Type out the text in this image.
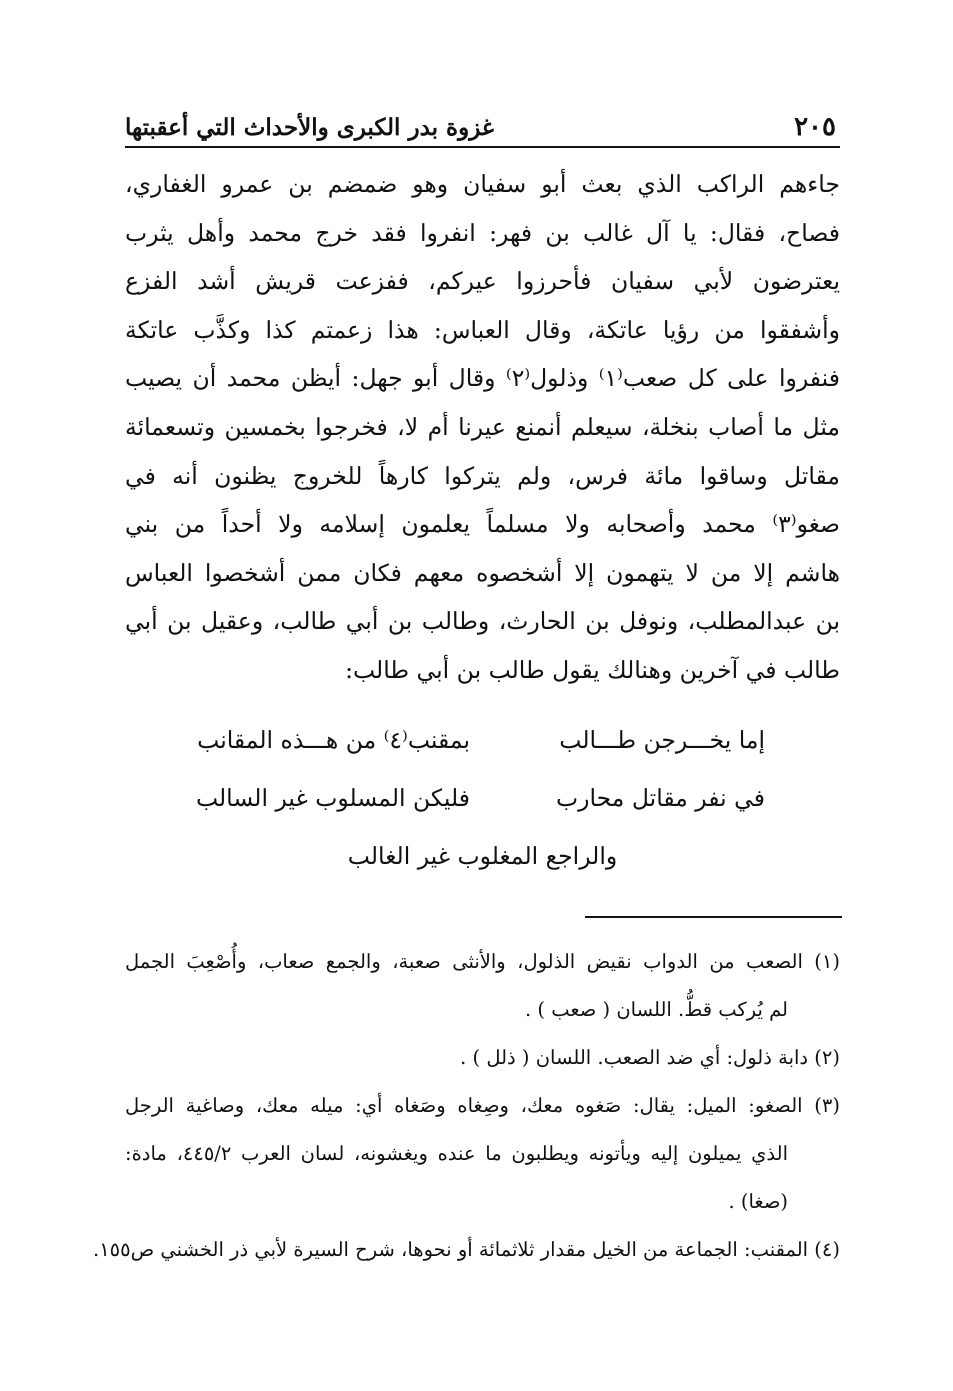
٢٠٥
غزوة بدر الكبرى والأحداث التي أعقبتها
جاءهم الراكب الذي بعث أبو سفيان وهو ضمضم بن عمرو الغفاري،
فصاح، فقال: يا آل غالب بن فهر: انفروا فقد خرج محمد وأهل يثرب
يعترضون لأبي سفيان فأحرزوا عيركم، ففزعت قريش أشد الفزع
وأشفقوا من رؤيا عاتكة، وقال العباس: هذا زعمتم كذا وكذَّب عاتكة
فنفروا على كل صعب⁽١⁾ وذلول⁽٢⁾ وقال أبو جهل: أيظن محمد أن يصيب
مثل ما أصاب بنخلة، سيعلم أنمنع عيرنا أم لا، فخرجوا بخمسين وتسعمائة
مقاتل وساقوا مائة فرس، ولم يتركوا كارهاً للخروج يظنون أنه في
صغو⁽٣⁾ محمد وأصحابه ولا مسلماً يعلمون إسلامه ولا أحداً من بني
هاشم إلا من لا يتهمون إلا أشخصوه معهم فكان ممن أشخصوا العباس
بن عبدالمطلب، ونوفل بن الحارث، وطالب بن أبي طالب، وعقيل بن أبي
طالب في آخرين وهنالك يقول طالب بن أبي طالب:
إما يخـــرجن طـــالب
بمقنب⁽٤⁾ من هـــذه المقانب
في نفر مقاتل محارب
فليكن المسلوب غير السالب
والراجع المغلوب غير الغالب
(١) الصعب من الدواب نقيض الذلول، والأنثى صعبة، والجمع صعاب، وأُصْعِبَ الجمل
لم يُركب قطُّ. اللسان ( صعب ) .
(٢) دابة ذلول: أي ضد الصعب. اللسان ( ذلل ) .
(٣) الصغو: الميل: يقال: صَغوه معك، وصِغاه وصَغاه أي: ميله معك، وصاغية الرجل
الذي يميلون إليه ويأتونه ويطلبون ما عنده ويغشونه، لسان العرب ٤٤٥/٢، مادة:
(صغا) .
(٤) المقنب: الجماعة من الخيل مقدار ثلاثمائة أو نحوها، شرح السيرة لأبي ذر الخشني ص١٥٥.
